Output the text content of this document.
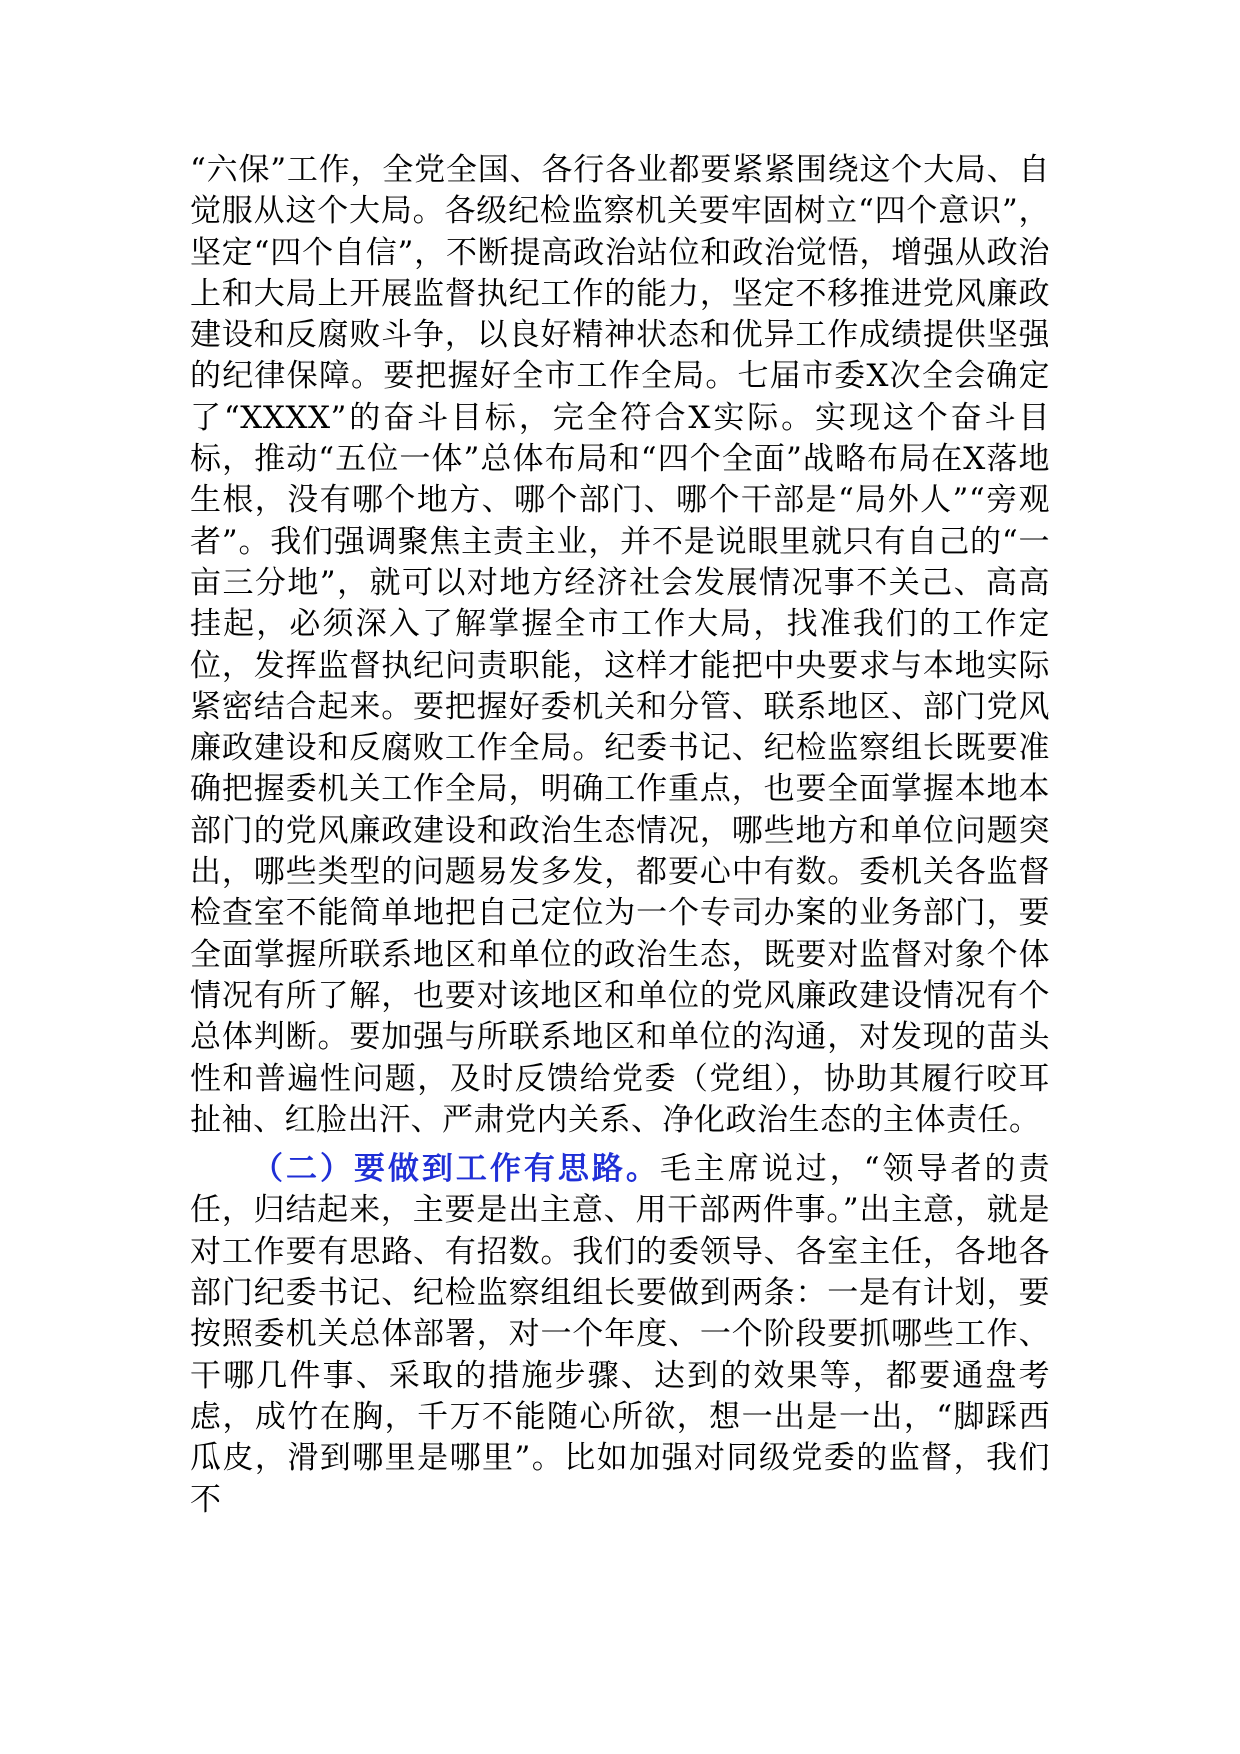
“六保”工作，全党全国、各行各业都要紧紧围绕这个大局、自觉服从这个大局。各级纪检监察机关要牢固树立“四个意识”，坚定“四个自信”，不断提高政治站位和政治觉悟，增强从政治上和大局上开展监督执纪工作的能力，坚定不移推进党风廉政建设和反腐败斗争，以良好精神状态和优异工作成绩提供坚强的纪律保障。要把握好全市工作全局。七届市委X次全会确定了“XXXX”的奋斗目标，完全符合X实际。实现这个奋斗目标，推动“五位一体”总体布局和“四个全面”战略布局在X落地生根，没有哪个地方、哪个部门、哪个干部是“局外人”“旁观者”。我们强调聚焦主责主业，并不是说眼里就只有自己的“一亩三分地”，就可以对地方经济社会发展情况事不关己、高高挂起，必须深入了解掌握全市工作大局，找准我们的工作定位，发挥监督执纪问责职能，这样才能把中央要求与本地实际紧密结合起来。要把握好委机关和分管、联系地区、部门党风廉政建设和反腐败工作全局。纪委书记、纪检监察组长既要准确把握委机关工作全局，明确工作重点，也要全面掌握本地本部门的党风廉政建设和政治生态情况，哪些地方和单位问题突出，哪些类型的问题易发多发，都要心中有数。委机关各监督检查室不能简单地把自己定位为一个专司办案的业务部门，要全面掌握所联系地区和单位的政治生态，既要对监督对象个体情况有所了解，也要对该地区和单位的党风廉政建设情况有个总体判断。要加强与所联系地区和单位的沟通，对发现的苗头性和普遍性问题，及时反馈给党委（党组），协助其履行咬耳扯袖、红脸出汗、严肃党内关系、净化政治生态的主体责任。

（二）要做到工作有思路。毛主席说过，“领导者的责任，归结起来，主要是出主意、用干部两件事。”出主意，就是对工作要有思路、有招数。我们的委领导、各室主任，各地各部门纪委书记、纪检监察组组长要做到两条：一是有计划，要按照委机关总体部署，对一个年度、一个阶段要抓哪些工作、干哪几件事、采取的措施步骤、达到的效果等，都要通盘考虑，成竹在胸，千万不能随心所欲，想一出是一出，“脚踩西瓜皮，滑到哪里是哪里”。比如加强对同级党委的监督，我们不
